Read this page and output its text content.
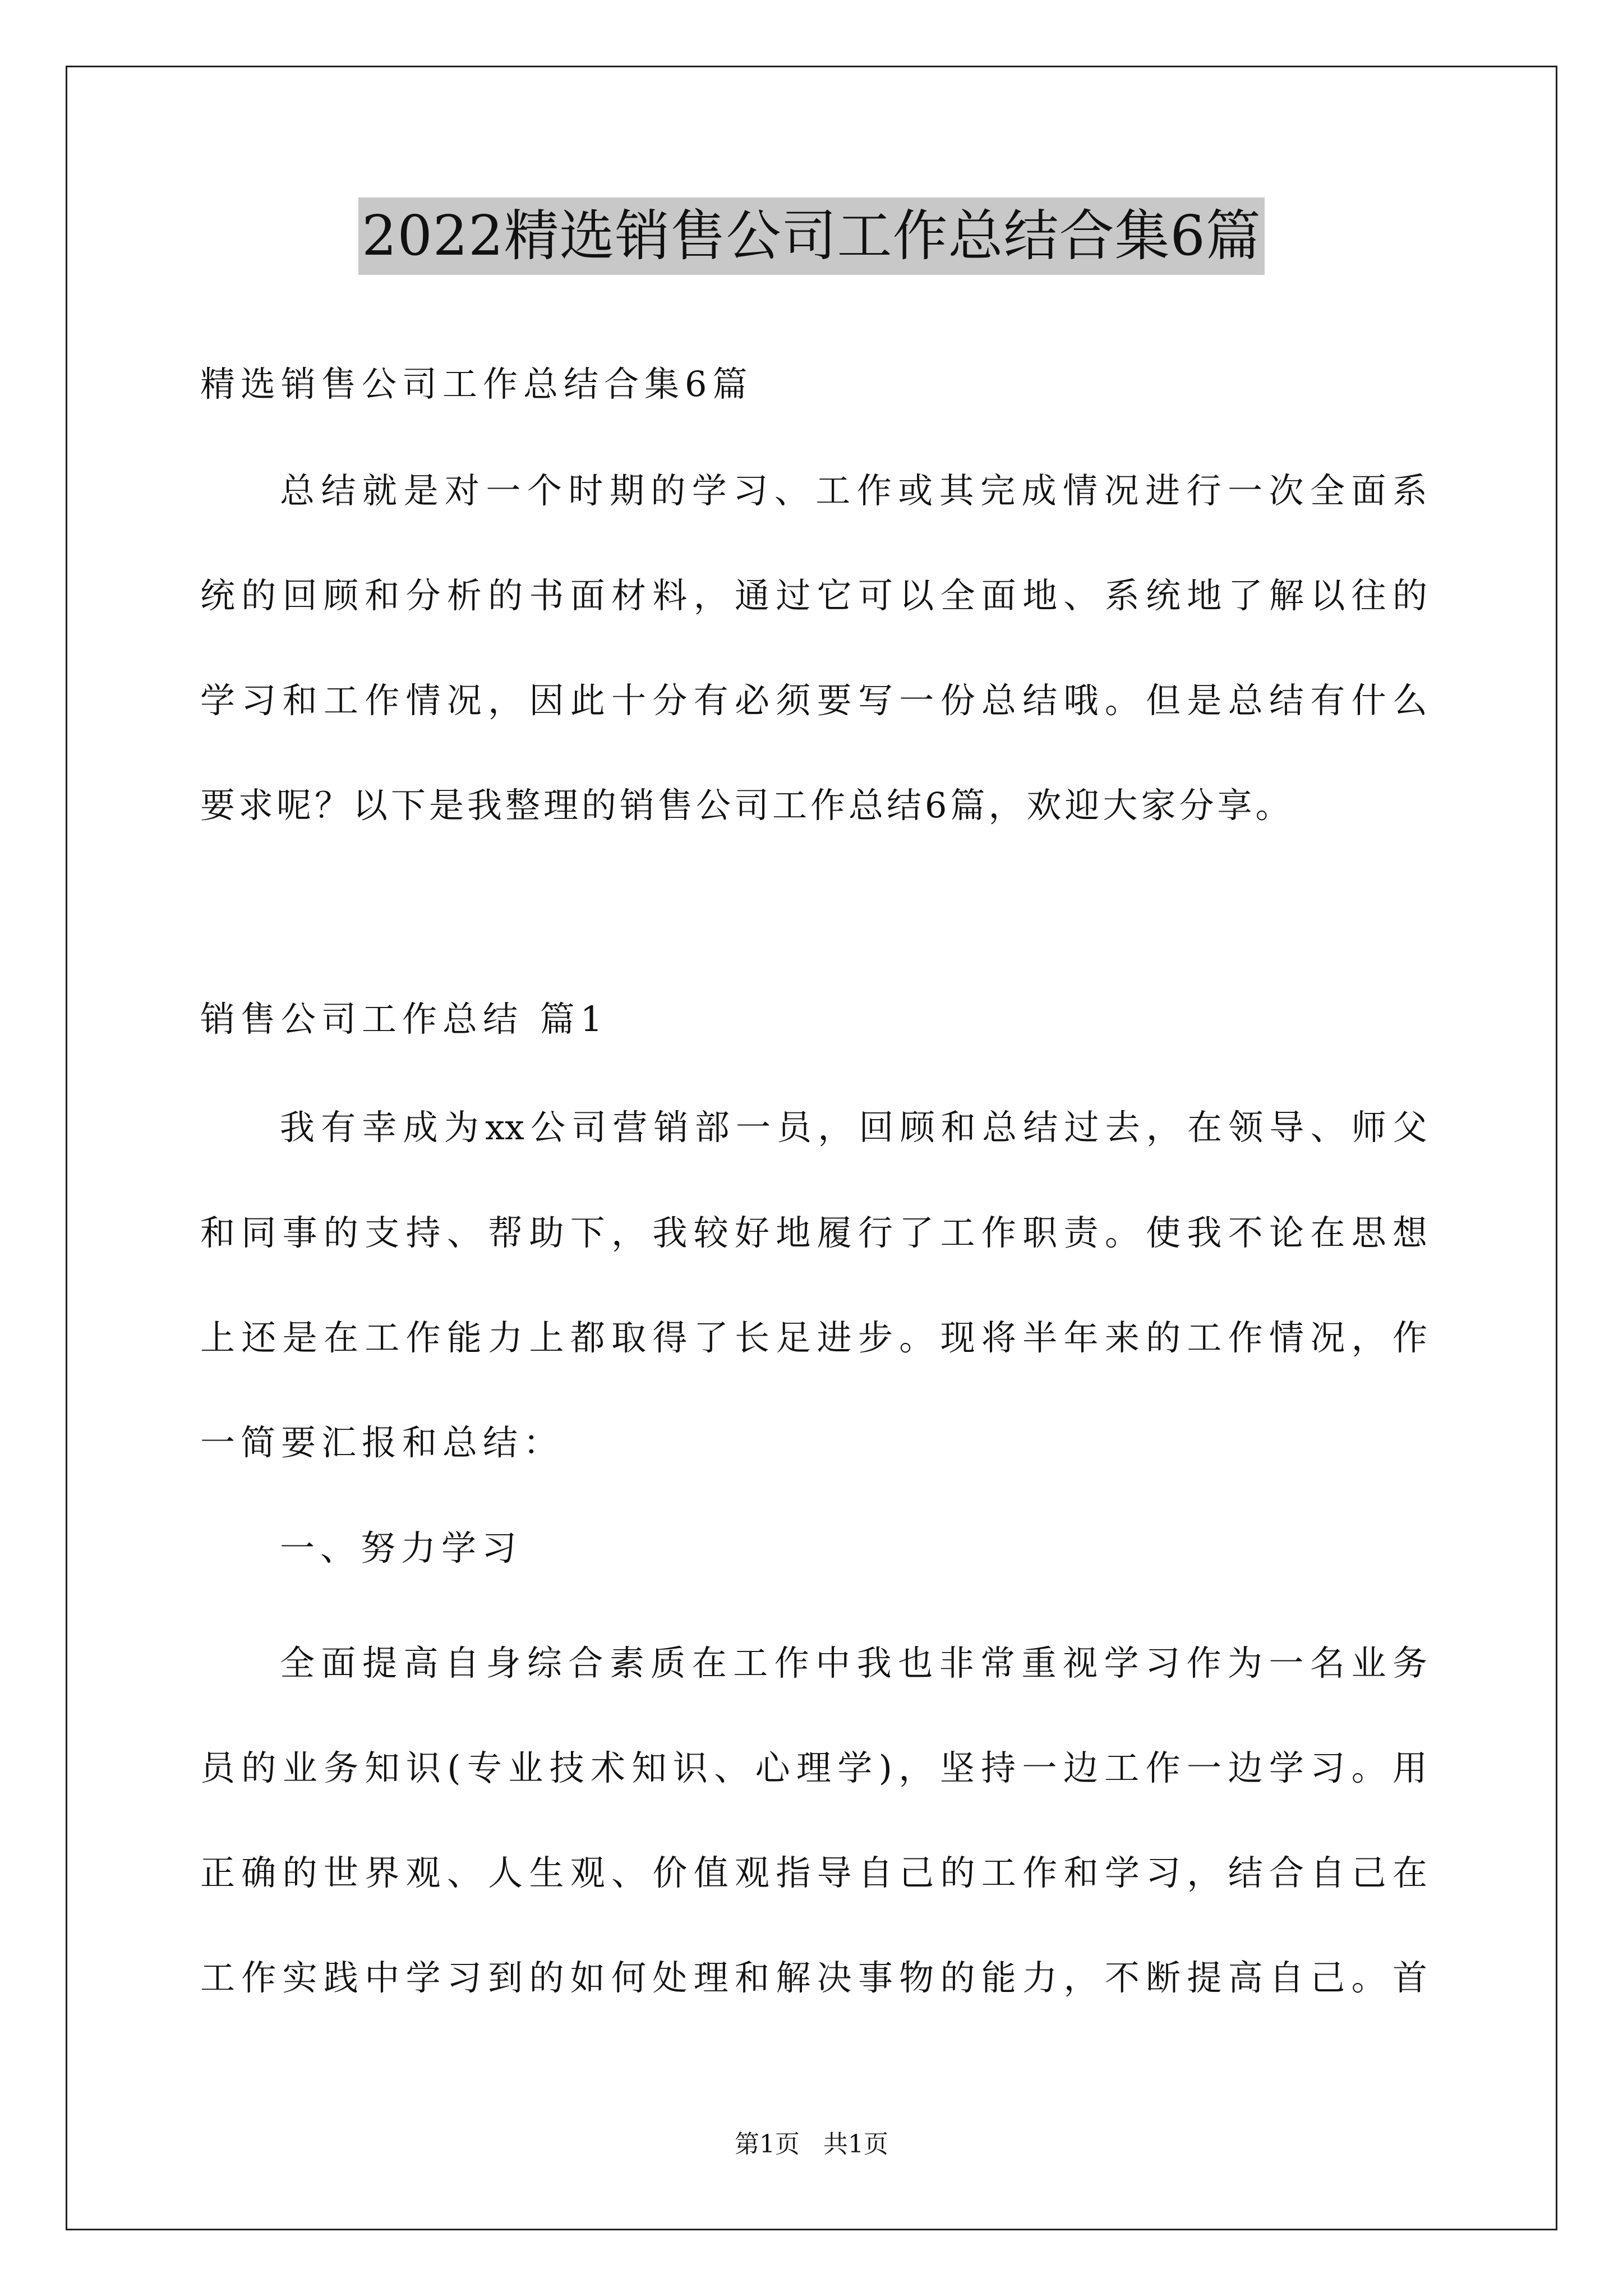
2022精选销售公司工作总结合集6篇
精选销售公司工作总结合集6篇
总结就是对一个时期的学习、工作或其完成情况进行一次全面系
统的回顾和分析的书面材料，通过它可以全面地、系统地了解以往的
学习和工作情况，因此十分有必须要写一份总结哦。但是总结有什么
要求呢？以下是我整理的销售公司工作总结6篇，欢迎大家分享。
销售公司工作总结 篇1
我有幸成为xx公司营销部一员，回顾和总结过去，在领导、师父
和同事的支持、帮助下，我较好地履行了工作职责。使我不论在思想
上还是在工作能力上都取得了长足进步。现将半年来的工作情况，作
一简要汇报和总结：
一、努力学习
全面提高自身综合素质在工作中我也非常重视学习作为一名业务
员的业务知识(专业技术知识、心理学)，坚持一边工作一边学习。用
正确的世界观、人生观、价值观指导自己的工作和学习，结合自己在
工作实践中学习到的如何处理和解决事物的能力，不断提高自己。首
第1页   共1页
